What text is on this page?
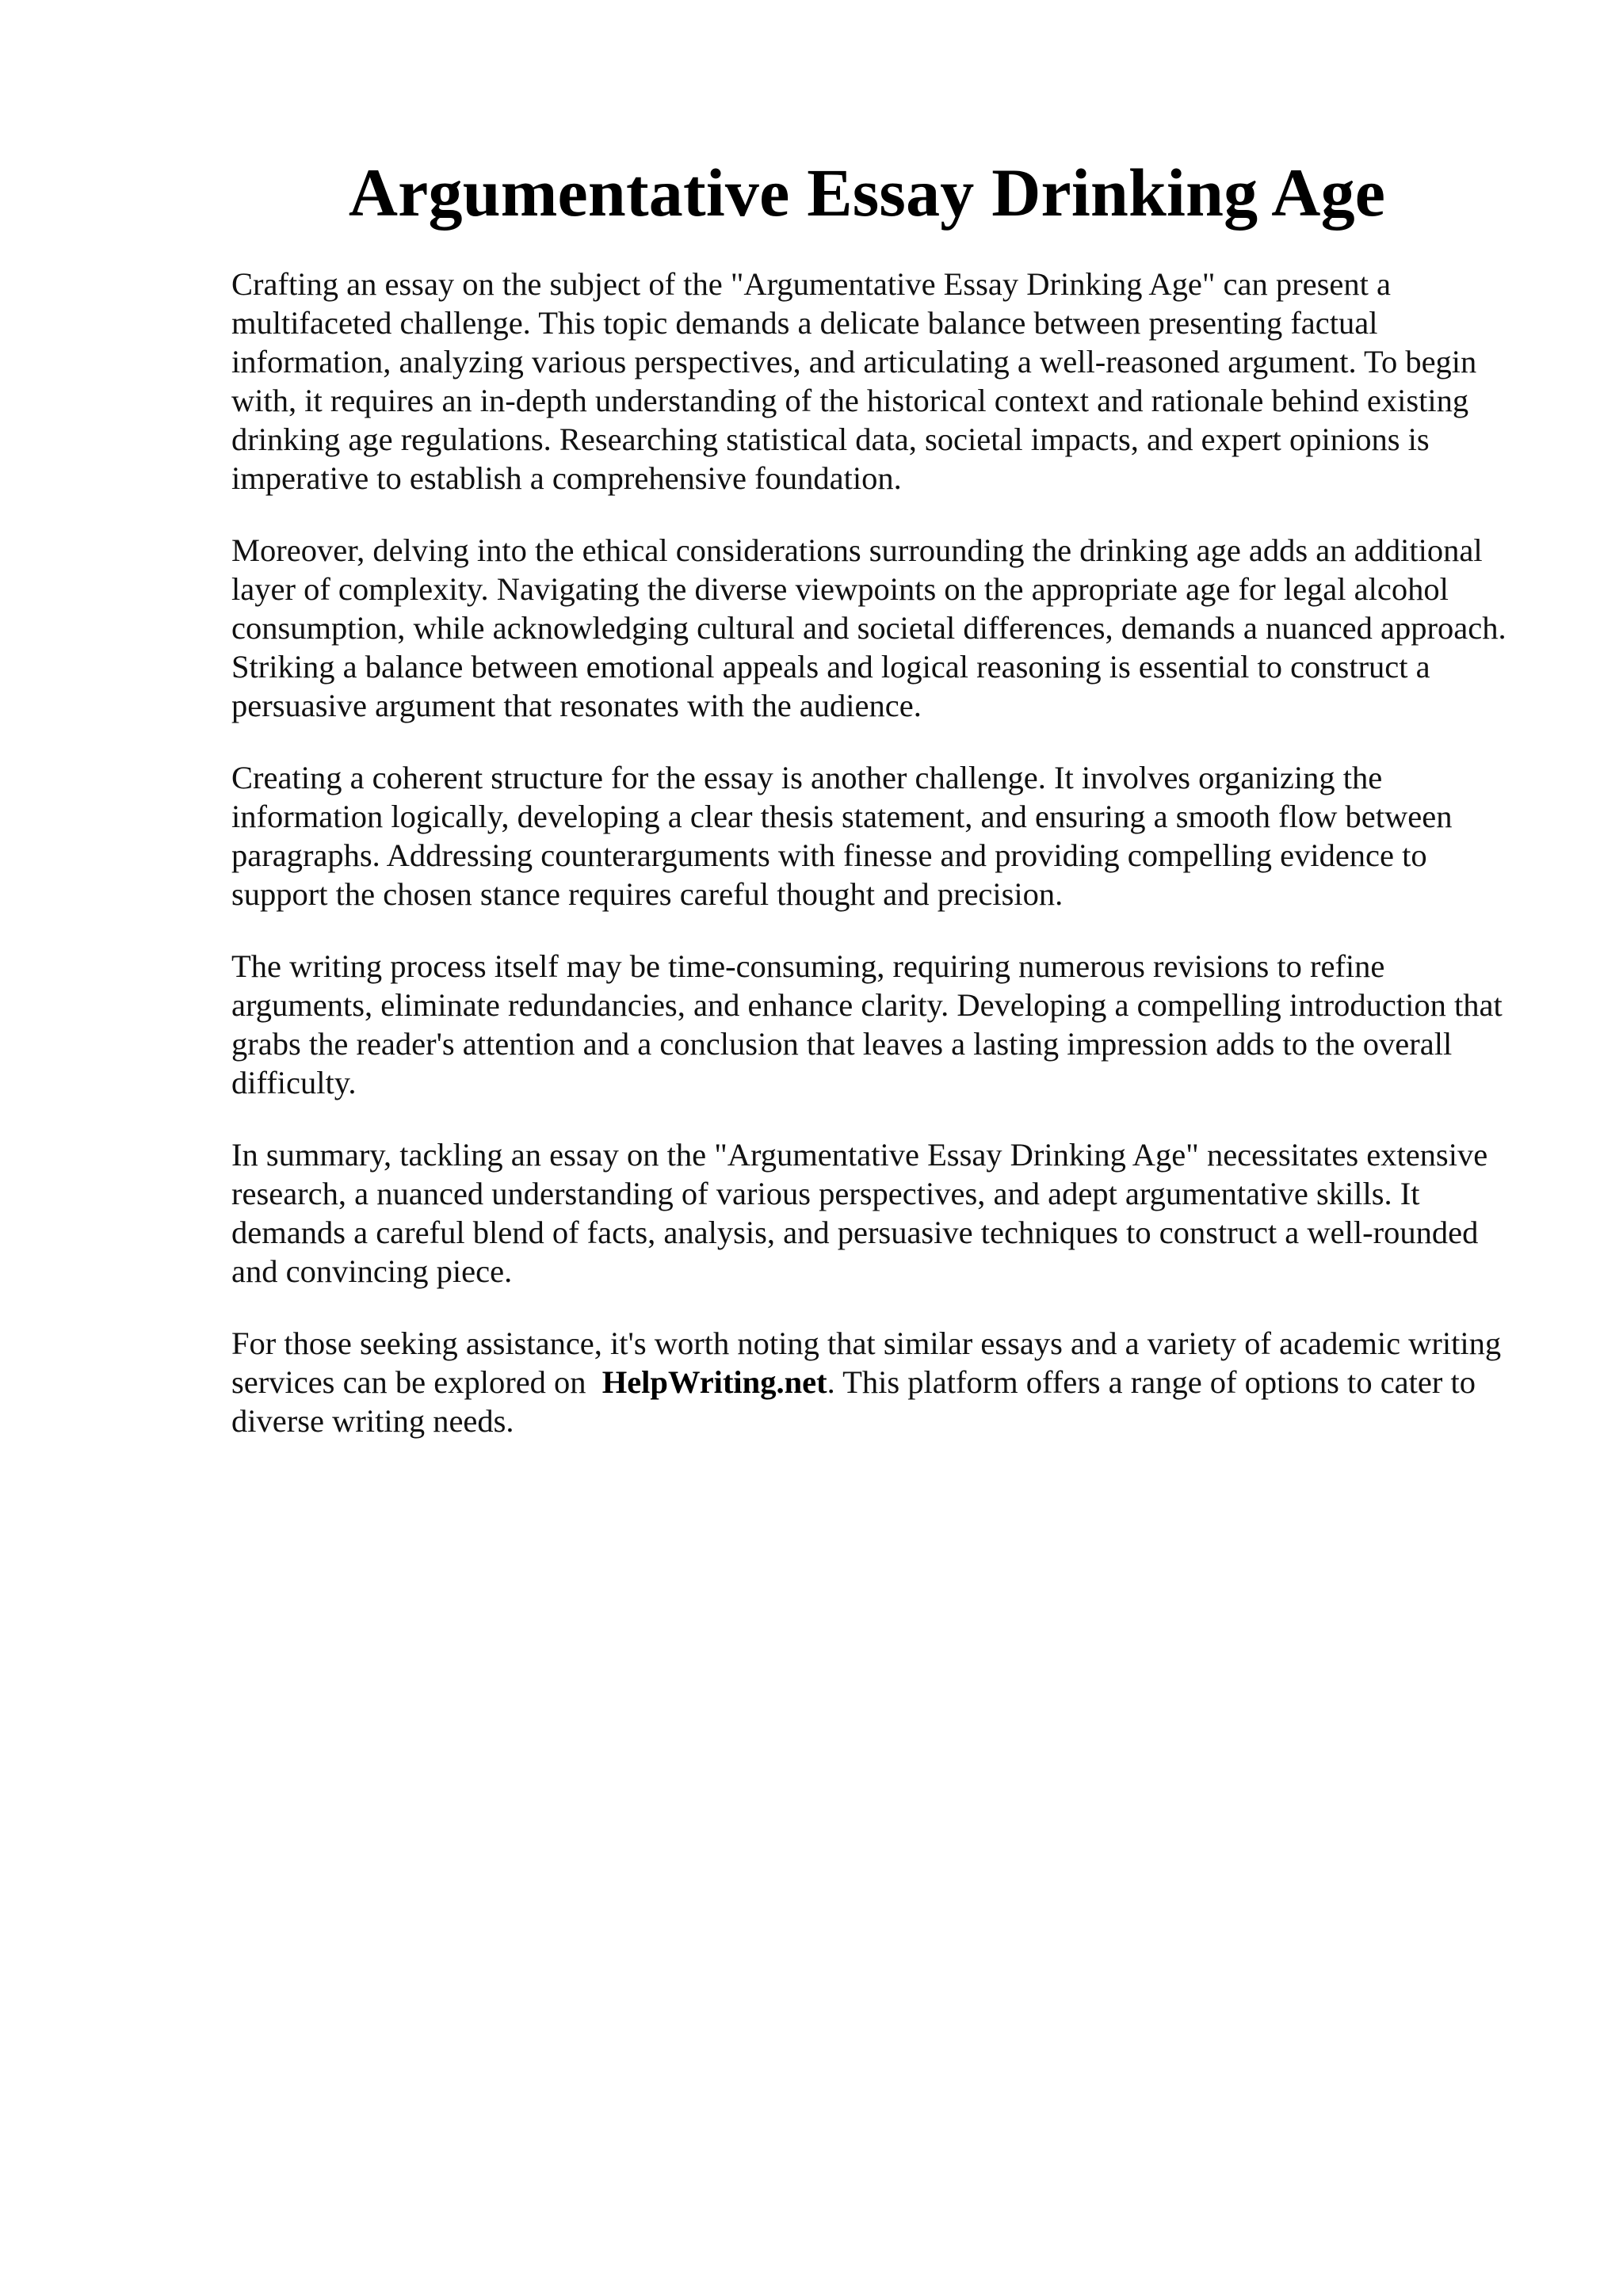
Argumentative Essay Drinking Age

Crafting an essay on the subject of the "Argumentative Essay Drinking Age" can present a multifaceted challenge. This topic demands a delicate balance between presenting factual information, analyzing various perspectives, and articulating a well-reasoned argument. To begin with, it requires an in-depth understanding of the historical context and rationale behind existing drinking age regulations. Researching statistical data, societal impacts, and expert opinions is imperative to establish a comprehensive foundation.

Moreover, delving into the ethical considerations surrounding the drinking age adds an additional layer of complexity. Navigating the diverse viewpoints on the appropriate age for legal alcohol consumption, while acknowledging cultural and societal differences, demands a nuanced approach. Striking a balance between emotional appeals and logical reasoning is essential to construct a persuasive argument that resonates with the audience.

Creating a coherent structure for the essay is another challenge. It involves organizing the information logically, developing a clear thesis statement, and ensuring a smooth flow between paragraphs. Addressing counterarguments with finesse and providing compelling evidence to support the chosen stance requires careful thought and precision.

The writing process itself may be time-consuming, requiring numerous revisions to refine arguments, eliminate redundancies, and enhance clarity. Developing a compelling introduction that grabs the reader's attention and a conclusion that leaves a lasting impression adds to the overall difficulty.

In summary, tackling an essay on the "Argumentative Essay Drinking Age" necessitates extensive research, a nuanced understanding of various perspectives, and adept argumentative skills. It demands a careful blend of facts, analysis, and persuasive techniques to construct a well-rounded and convincing piece.

For those seeking assistance, it's worth noting that similar essays and a variety of academic writing services can be explored on HelpWriting.net. This platform offers a range of options to cater to diverse writing needs.
